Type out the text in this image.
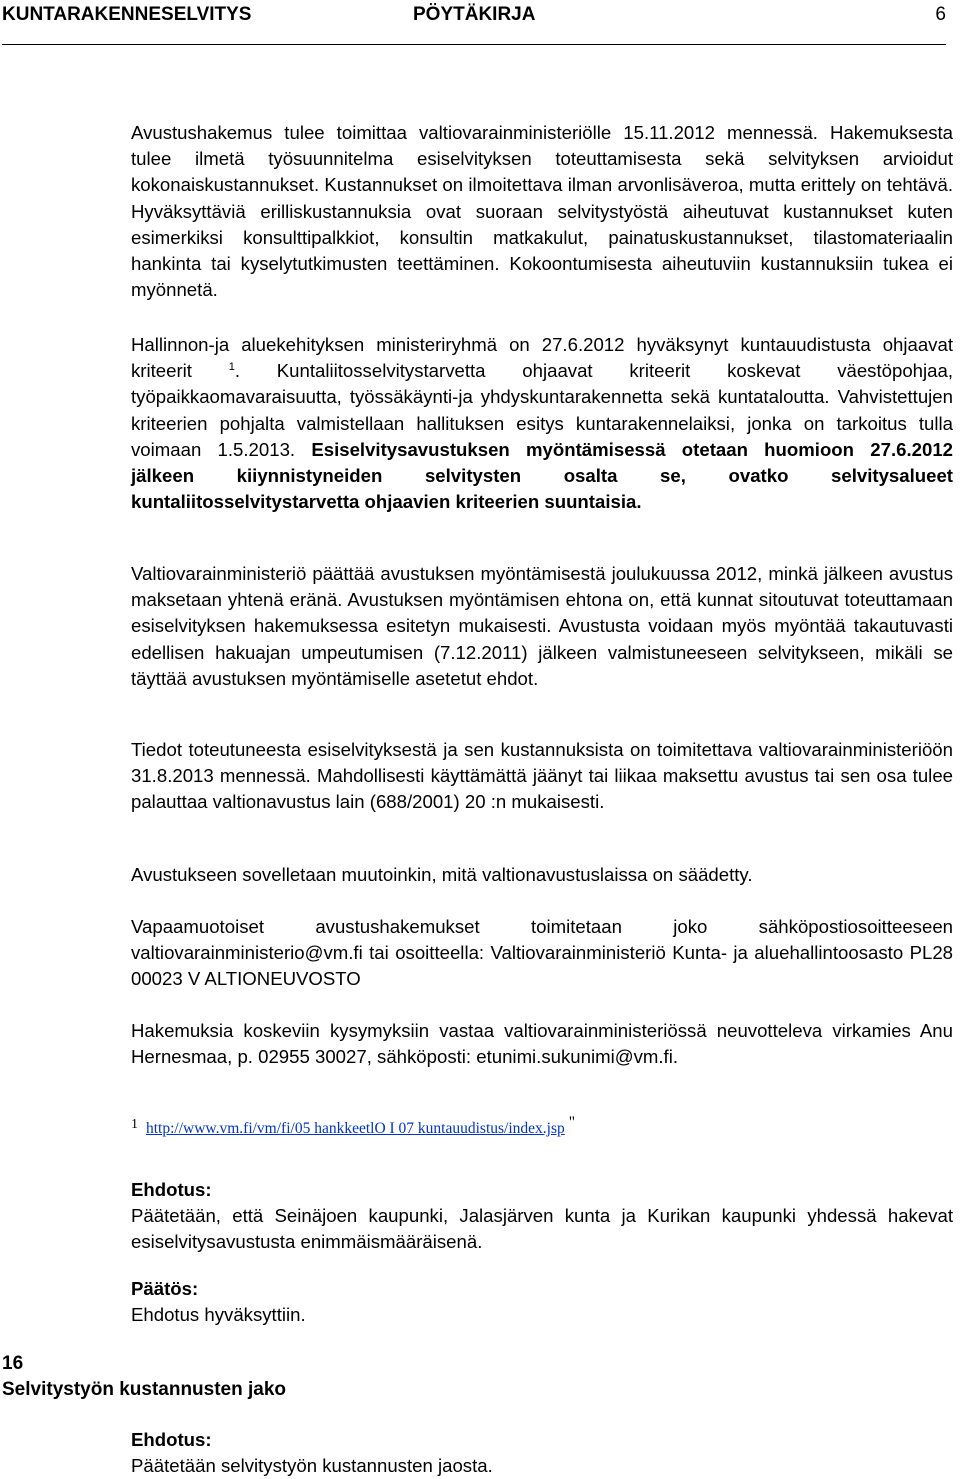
KUNTARAKENNESELVITYS	PÖYTÄKIRJA	6

Avustushakemus tulee toimittaa valtiovarainministeriölle 15.11.2012 mennessä. Hakemuksesta tulee ilmetä työsuunnitelma esiselvityksen toteuttamisesta sekä selvityksen arvioidut kokonaiskustannukset. Kustannukset on ilmoitettava ilman arvonlisäveroa, mutta erittely on tehtävä. Hyväksyttäviä erilliskustannuksia ovat suoraan selvitystyöstä aiheutuvat kustannukset kuten esimerkiksi konsulttipalkkiot, konsultin matkakulut, painatuskustannukset, tilastomateriaalin hankinta tai kyselytutkimusten teettäminen. Kokoontumisesta aiheutuviin kustannuksiin tukea ei myönnetä.

Hallinnon-ja aluekehityksen ministeriryhmä on 27.6.2012 hyväksynyt kuntauudistusta ohjaavat kriteerit $^1$. Kuntaliitosselvitystarvetta ohjaavat kriteerit koskevat väestöpohjaa, työpaikkaomavaraisuutta, työssäkäynti-ja yhdyskuntarakennetta sekä kuntataloutta. Vahvistettujen kriteerien pohjalta valmistellaan hallituksen esitys kuntarakennelaiksi, jonka on tarkoitus tulla voimaan 1.5.2013. Esiselvitysavustuksen myöntämisessä otetaan huomioon 27.6.2012 jälkeen kiiynnistyneiden selvitysten osalta se, ovatko selvitysalueet kuntaliitosselvitystarvetta ohjaavien kriteerien suuntaisia.

Valtiovarainministeriö päättää avustuksen myöntämisestä joulukuussa 2012, minkä jälkeen avustus maksetaan yhtenä eränä. Avustuksen myöntämisen ehtona on, että kunnat sitoutuvat toteuttamaan esiselvityksen hakemuksessa esitetyn mukaisesti. Avustusta voidaan myös myöntää takautuvasti edellisen hakuajan umpeutumisen (7.12.2011) jälkeen valmistuneeseen selvitykseen, mikäli se täyttää avustuksen myöntämiselle asetetut ehdot.

Tiedot toteutuneesta esiselvityksestä ja sen kustannuksista on toimitettava valtiovarainministeriöön 31.8.2013 mennessä. Mahdollisesti käyttämättä jäänyt tai liikaa maksettu avustus tai sen osa tulee palauttaa valtionavustus lain (688/2001) 20 :n mukaisesti.

Avustukseen sovelletaan muutoinkin, mitä valtionavustuslaissa on säädetty.

Vapaamuotoiset avustushakemukset toimitetaan joko sähköpostiosoitteeseen valtiovarainministerio@vm.fi tai osoitteella: Valtiovarainministeriö Kunta- ja aluehallintoosasto PL28 00023 V ALTIONEUVOSTO

Hakemuksia koskeviin kysymyksiin vastaa valtiovarainministeriössä neuvotteleva virkamies Anu Hernesmaa, p. 02955 30027, sähköposti: etunimi.sukunimi@vm.fi.

1 http://www.vm.fi/vm/fi/05 hankkeetlO I 07 kuntauudistus/index.jsp "

Ehdotus:

Päätetään, että Seinäjoen kaupunki, Jalasjärven kunta ja Kurikan kaupunki yhdessä hakevat esiselvitysavustusta enimmäismääräisenä.

Päätös:

Ehdotus hyväksyttiin.

16
Selvitystyön kustannusten jako

Ehdotus:

Päätetään selvitystyön kustannusten jaosta.
